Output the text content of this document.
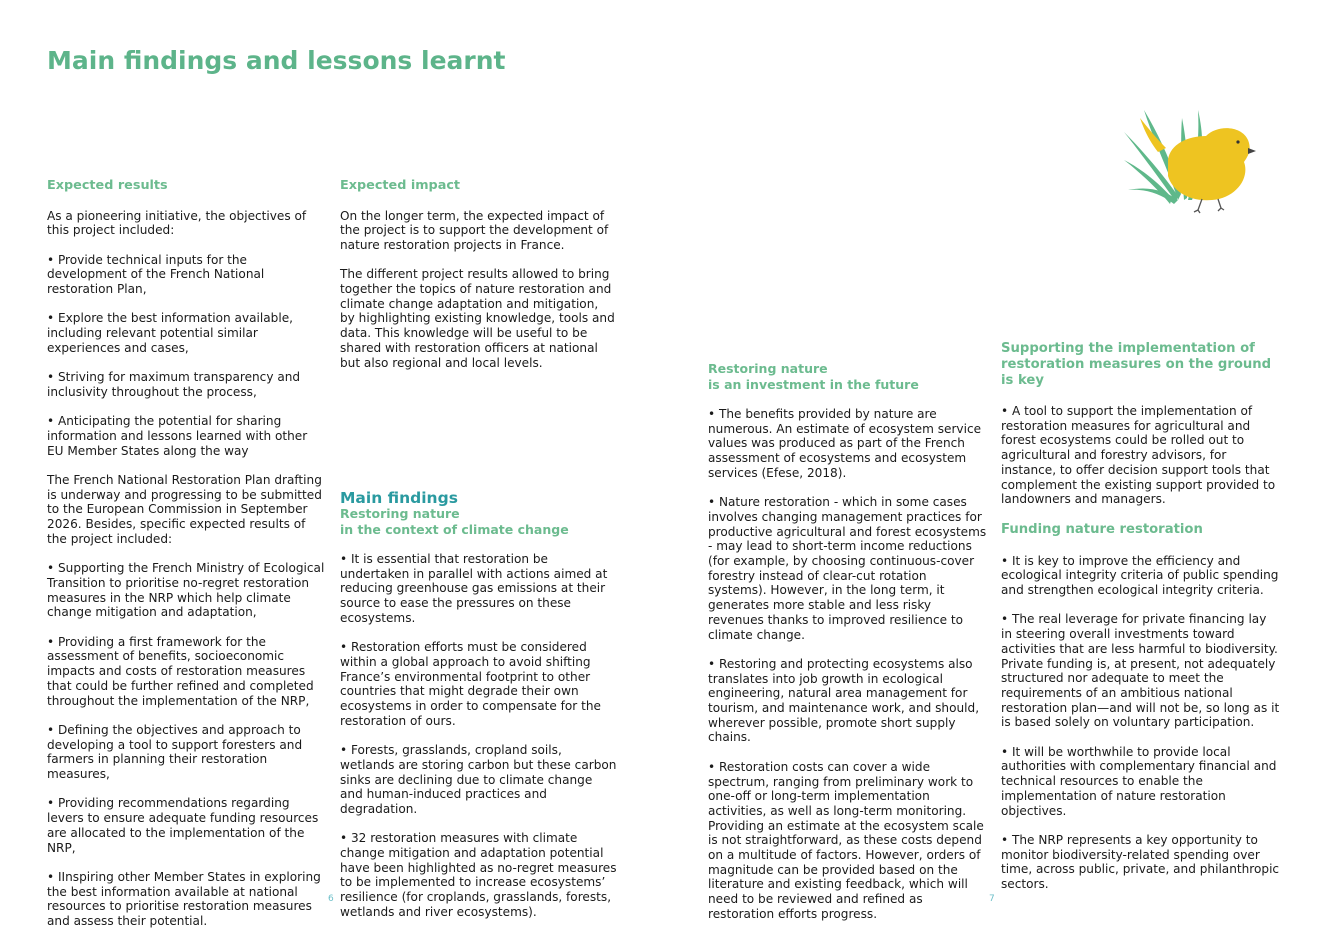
Main findings and lessons learnt
Expected results

As a pioneering initiative, the objectives of this project included:

• Provide technical inputs for the development of the French National restoration Plan,

• Explore the best information available, including relevant potential similar experiences and cases,

• Striving for maximum transparency and inclusivity throughout the process,

• Anticipating the potential for sharing information and lessons learned with other EU Member States along the way

The French National Restoration Plan drafting is underway and progressing to be submitted to the European Commission in September 2026. Besides, specific expected results of the project included:

• Supporting the French Ministry of Ecological Transition to prioritise no-regret restoration measures in the NRP which help climate change mitigation and adaptation,

• Providing a first framework for the assessment of benefits, socioeconomic impacts and costs of restoration measures that could be further refined and completed throughout the implementation of the NRP,

• Defining the objectives and approach to developing a tool to support foresters and farmers in planning their restoration measures,

• Providing recommendations regarding levers to ensure adequate funding resources are allocated to the implementation of the NRP,

• IInspiring other Member States in exploring the best information available at national resources to prioritise restoration measures and assess their potential.

Expected impact

On the longer term, the expected impact of the project is to support the development of nature restoration projects in France.

The different project results allowed to bring together the topics of nature restoration and climate change adaptation and mitigation, by highlighting existing knowledge, tools and data. This knowledge will be useful to be shared with restoration officers at national but also regional and local levels.

Main findings
Restoring nature
in the context of climate change

• It is essential that restoration be undertaken in parallel with actions aimed at reducing greenhouse gas emissions at their source to ease the pressures on these ecosystems.

• Restoration efforts must be considered within a global approach to avoid shifting France’s environmental footprint to other countries that might degrade their own ecosystems in order to compensate for the restoration of ours.

• Forests, grasslands, cropland soils, wetlands are storing carbon but these carbon sinks are declining due to climate change and human-induced practices and degradation.

• 32 restoration measures with climate change mitigation and adaptation potential have been highlighted as no-regret measures to be implemented to increase ecosystems’ resilience (for croplands, grasslands, forests, wetlands and river ecosystems).

6
Restoring nature
is an investment in the future

• The benefits provided by nature are numerous. An estimate of ecosystem service values was produced as part of the French assessment of ecosystems and ecosystem services (Efese, 2018).

• Nature restoration - which in some cases involves changing management practices for productive agricultural and forest ecosystems - may lead to short-term income reductions (for example, by choosing continuous-cover forestry instead of clear-cut rotation systems). However, in the long term, it generates more stable and less risky revenues thanks to improved resilience to climate change.

• Restoring and protecting ecosystems also translates into job growth in ecological engineering, natural area management for tourism, and maintenance work, and should, wherever possible, promote short supply chains.

• Restoration costs can cover a wide spectrum, ranging from preliminary work to one-off or long-term implementation activities, as well as long-term monitoring. Providing an estimate at the ecosystem scale is not straightforward, as these costs depend on a multitude of factors. However, orders of magnitude can be provided based on the literature and existing feedback, which will need to be reviewed and refined as restoration efforts progress.

Supporting the implementation of restoration measures on the ground is key

• A tool to support the implementation of restoration measures for agricultural and forest ecosystems could be rolled out to agricultural and forestry advisors, for instance, to offer decision support tools that complement the existing support provided to landowners and managers.

Funding nature restoration

• It is key to improve the efficiency and ecological integrity criteria of public spending and strengthen ecological integrity criteria.

• The real leverage for private financing lay in steering overall investments toward activities that are less harmful to biodiversity. Private funding is, at present, not adequately structured nor adequate to meet the requirements of an ambitious national restoration plan—and will not be, so long as it is based solely on voluntary participation.

• It will be worthwhile to provide local authorities with complementary financial and technical resources to enable the implementation of nature restoration objectives.

• The NRP represents a key opportunity to monitor biodiversity-related spending over time, across public, private, and philanthropic sectors.

7
